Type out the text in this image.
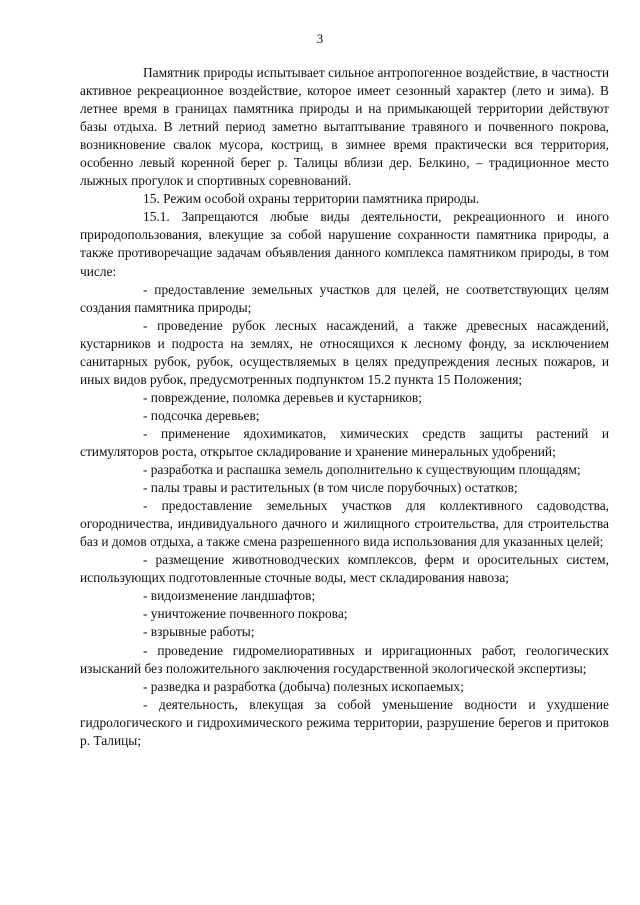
3

Памятник природы испытывает сильное антропогенное воздействие, в частности активное рекреационное воздействие, которое имеет сезонный характер (лето и зима). В летнее время в границах памятника природы и на примыкающей территории действуют базы отдыха. В летний период заметно вытаптывание травяного и почвенного покрова, возникновение свалок мусора, кострищ, в зимнее время практически вся территория, особенно левый коренной берег р. Талицы вблизи дер. Белкино, – традиционное место лыжных прогулок и спортивных соревнований.

15. Режим особой охраны территории памятника природы.

15.1. Запрещаются любые виды деятельности, рекреационного и иного природопользования, влекущие за собой нарушение сохранности памятника природы, а также противоречащие задачам объявления данного комплекса памятником природы, в том числе:

- предоставление земельных участков для целей, не соответствующих целям создания памятника природы;

- проведение рубок лесных насаждений, а также древесных насаждений, кустарников и подроста на землях, не относящихся к лесному фонду, за исключением санитарных рубок, рубок, осуществляемых в целях предупреждения лесных пожаров, и иных видов рубок, предусмотренных подпунктом 15.2 пункта 15 Положения;

- повреждение, поломка деревьев и кустарников;

- подсочка деревьев;

- применение ядохимикатов, химических средств защиты растений и стимуляторов роста, открытое складирование и хранение минеральных удобрений;

- разработка и распашка земель дополнительно к существующим площадям;

- палы травы и растительных (в том числе порубочных) остатков;

- предоставление земельных участков для коллективного садоводства, огородничества, индивидуального дачного и жилищного строительства, для строительства баз и домов отдыха, а также смена разрешенного вида использования для указанных целей;

- размещение животноводческих комплексов, ферм и оросительных систем, использующих подготовленные сточные воды, мест складирования навоза;

- видоизменение ландшафтов;

- уничтожение почвенного покрова;

- взрывные работы;

- проведение гидромелиоративных и ирригационных работ, геологических изысканий без положительного заключения государственной экологической экспертизы;

- разведка и разработка (добыча) полезных ископаемых;

- деятельность, влекущая за собой уменьшение водности и ухудшение гидрологического и гидрохимического режима территории, разрушение берегов и притоков р. Талицы;
